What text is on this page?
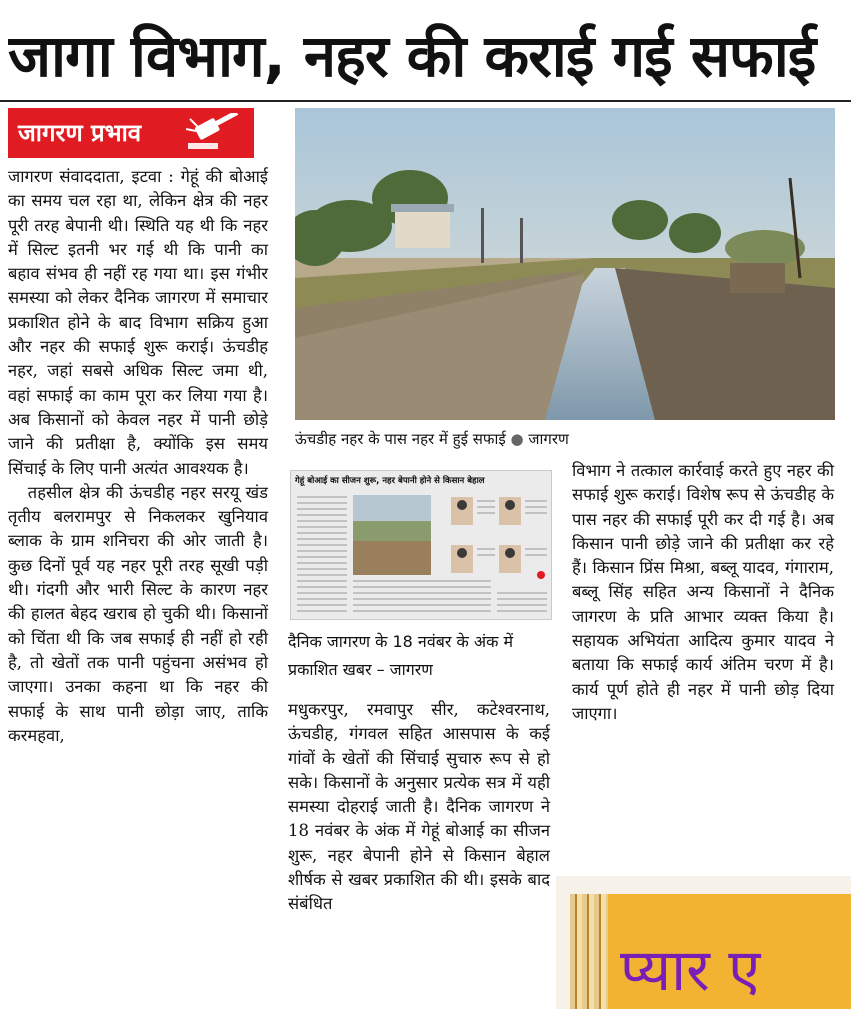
जागा विभाग, नहर की कराई गई सफाई
जागरण प्रभाव

जागरण संवाददाता, इटवा : गेहूं की बोआई का समय चल रहा था, लेकिन क्षेत्र की नहर पूरी तरह बेपानी थी। स्थिति यह थी कि नहर में सिल्ट इतनी भर गई थी कि पानी का बहाव संभव ही नहीं रह गया था। इस गंभीर समस्या को लेकर दैनिक जागरण में समाचार प्रकाशित होने के बाद विभाग सक्रिय हुआ और नहर की सफाई शुरू कराई। ऊंचडीह नहर, जहां सबसे अधिक सिल्ट जमा थी, वहां सफाई का काम पूरा कर लिया गया है। अब किसानों को केवल नहर में पानी छोड़े जाने की प्रतीक्षा है, क्योंकि इस समय सिंचाई के लिए पानी अत्यंत आवश्यक है।

तहसील क्षेत्र की ऊंचडीह नहर सरयू खंड तृतीय बलरामपुर से निकलकर खुनियाव ब्लाक के ग्राम शनिचरा की ओर जाती है। कुछ दिनों पूर्व यह नहर पूरी तरह सूखी पड़ी थी। गंदगी और भारी सिल्ट के कारण नहर की हालत बेहद खराब हो चुकी थी। किसानों को चिंता थी कि जब सफाई ही नहीं हो रही है, तो खेतों तक पानी पहुंचना असंभव हो जाएगा। उनका कहना था कि नहर की सफाई के साथ पानी छोड़ा जाए, ताकि करमहवा,

ऊंचडीह नहर के पास नहर में हुई सफाई ● जागरण
गेहूं बोआई का सीजन शुरू, नहर बेपानी होने से किसान बेहाल
दैनिक जागरण के 18 नवंबर के अंक में प्रकाशित खबर – जागरण

मधुकरपुर, रमवापुर सीर, कटेश्वरनाथ, ऊंचडीह, गंगवल सहित आसपास के कई गांवों के खेतों की सिंचाई सुचारु रूप से हो सके। किसानों के अनुसार प्रत्येक सत्र में यही समस्या दोहराई जाती है। दैनिक जागरण ने 18 नवंबर के अंक में गेहूं बोआई का सीजन शुरू, नहर बेपानी होने से किसान बेहाल शीर्षक से खबर प्रकाशित की थी। इसके बाद संबंधित

विभाग ने तत्काल कार्रवाई करते हुए नहर की सफाई शुरू कराई। विशेष रूप से ऊंचडीह के पास नहर की सफाई पूरी कर दी गई है। अब किसान पानी छोड़े जाने की प्रतीक्षा कर रहे हैं। किसान प्रिंस मिश्रा, बब्लू यादव, गंगाराम, बब्लू सिंह सहित अन्य किसानों ने दैनिक जागरण के प्रति आभार व्यक्त किया है। सहायक अभियंता आदित्य कुमार यादव ने बताया कि सफाई कार्य अंतिम चरण में है। कार्य पूर्ण होते ही नहर में पानी छोड़ दिया जाएगा।

प्यार ए
